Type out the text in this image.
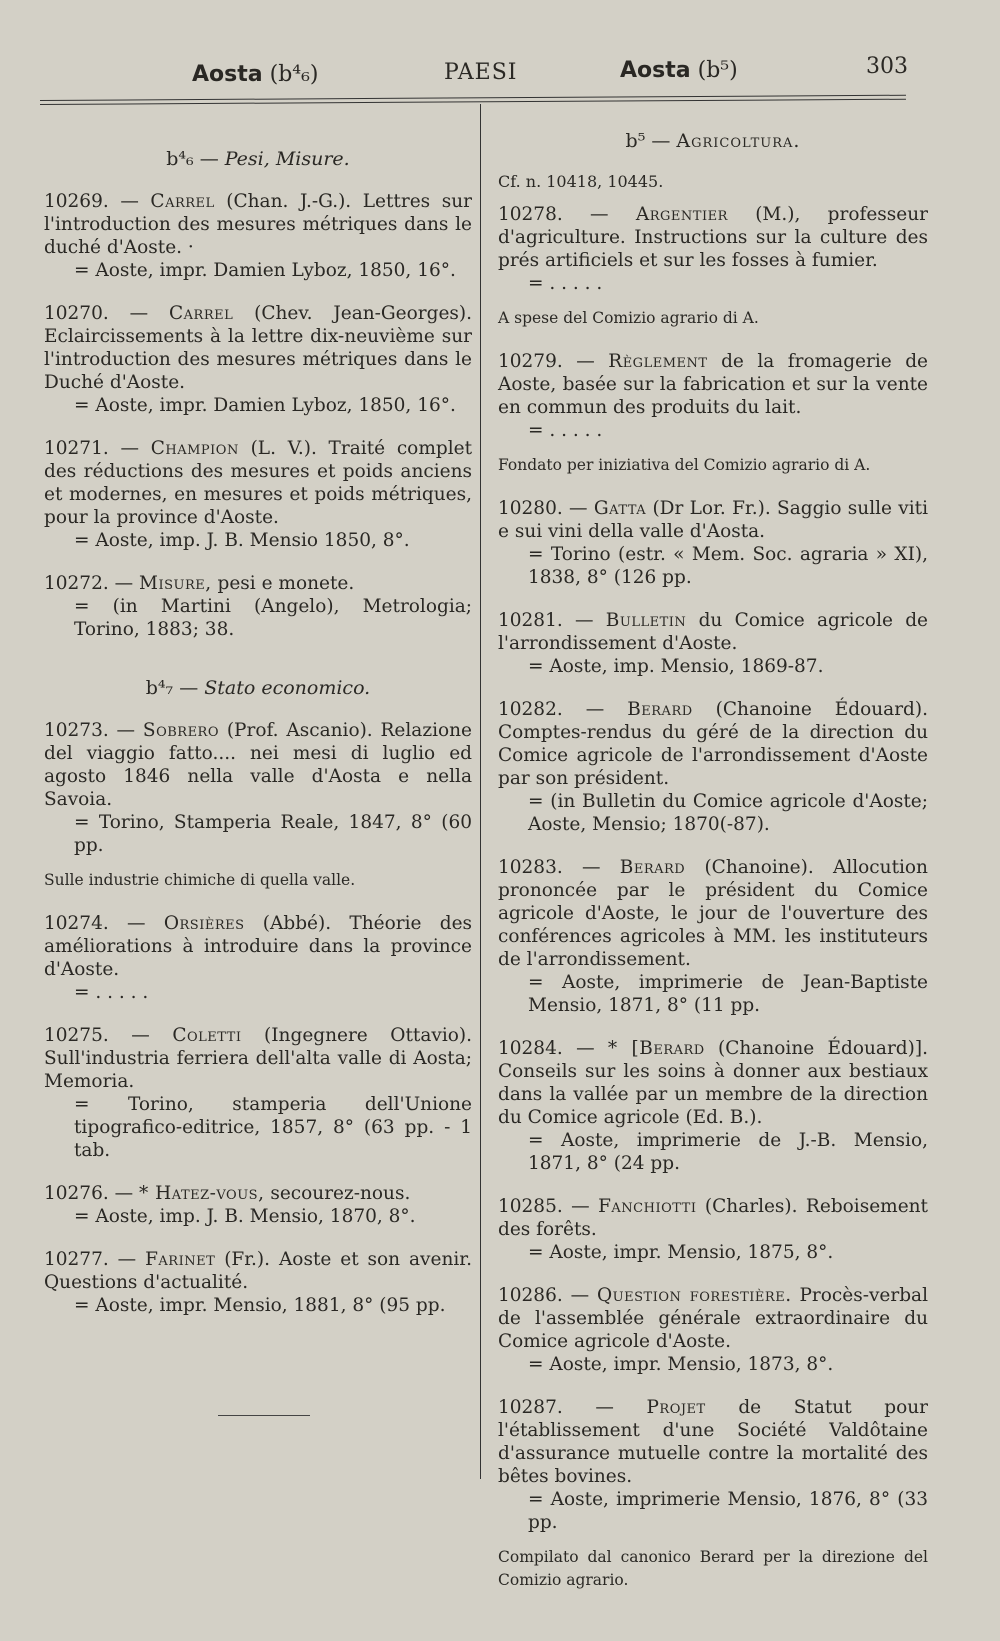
Aosta (b⁴₆)	PAESI	Aosta (b⁵)	303
b⁴₆ — Pesi, Misure.
10269. — Carrel (Chan. J.-G.). Lettres sur l'introduction des mesures métriques dans le duché d'Aoste. ·
= Aoste, impr. Damien Lyboz, 1850, 16°.
10270. — Carrel (Chev. Jean-Georges). Eclaircissements à la lettre dix-neuvième sur l'introduction des mesures métriques dans le Duché d'Aoste.
= Aoste, impr. Damien Lyboz, 1850, 16°.
10271. — Champion (L. V.). Traité complet des réductions des mesures et poids anciens et modernes, en mesures et poids métriques, pour la province d'Aoste.
= Aoste, imp. J. B. Mensio 1850, 8°.
10272. — Misure, pesi e monete.
= (in Martini (Angelo), Metrologia; Torino, 1883; 38.
b⁴₇ — Stato economico.
10273. — Sobrero (Prof. Ascanio). Relazione del viaggio fatto.... nei mesi di luglio ed agosto 1846 nella valle d'Aosta e nella Savoia.
= Torino, Stamperia Reale, 1847, 8° (60 pp.
Sulle industrie chimiche di quella valle.
10274. — Orsières (Abbé). Théorie des améliorations à introduire dans la province d'Aoste.
= . . . . .
10275. — Coletti (Ingegnere Ottavio). Sull'industria ferriera dell'alta valle di Aosta; Memoria.
= Torino, stamperia dell'Unione tipografico-editrice, 1857, 8° (63 pp. - 1 tab.
10276. — * Hatez-vous, secourez-nous.
= Aoste, imp. J. B. Mensio, 1870, 8°.
10277. — Farinet (Fr.). Aoste et son avenir. Questions d'actualité.
= Aoste, impr. Mensio, 1881, 8° (95 pp.
b⁵ — Agricoltura.
Cf. n. 10418, 10445.
10278. — Argentier (M.), professeur d'agriculture. Instructions sur la culture des prés artificiels et sur les fosses à fumier.
= . . . . .
A spese del Comizio agrario di A.
10279. — Règlement de la fromagerie de Aoste, basée sur la fabrication et sur la vente en commun des produits du lait.
= . . . . .
Fondato per iniziativa del Comizio agrario di A.
10280. — Gatta (Dr Lor. Fr.). Saggio sulle viti e sui vini della valle d'Aosta.
= Torino (estr. « Mem. Soc. agraria » XI), 1838, 8° (126 pp.
10281. — Bulletin du Comice agricole de l'arrondissement d'Aoste.
= Aoste, imp. Mensio, 1869-87.
10282. — Berard (Chanoine Édouard). Comptes-rendus du géré de la direction du Comice agricole de l'arrondissement d'Aoste par son président.
= (in Bulletin du Comice agricole d'Aoste; Aoste, Mensio; 1870(-87).
10283. — Berard (Chanoine). Allocution prononcée par le président du Comice agricole d'Aoste, le jour de l'ouverture des conférences agricoles à MM. les instituteurs de l'arrondissement.
= Aoste, imprimerie de Jean-Baptiste Mensio, 1871, 8° (11 pp.
10284. — * [Berard (Chanoine Édouard)]. Conseils sur les soins à donner aux bestiaux dans la vallée par un membre de la direction du Comice agricole (Ed. B.).
= Aoste, imprimerie de J.-B. Mensio, 1871, 8° (24 pp.
10285. — Fanchiotti (Charles). Reboisement des forêts.
= Aoste, impr. Mensio, 1875, 8°.
10286. — Question forestière. Procès-verbal de l'assemblée générale extraordinaire du Comice agricole d'Aoste.
= Aoste, impr. Mensio, 1873, 8°.
10287. — Projet de Statut pour l'établissement d'une Société Valdôtaine d'assurance mutuelle contre la mortalité des bêtes bovines.
= Aoste, imprimerie Mensio, 1876, 8° (33 pp.
Compilato dal canonico Berard per la direzione del Comizio agrario.
